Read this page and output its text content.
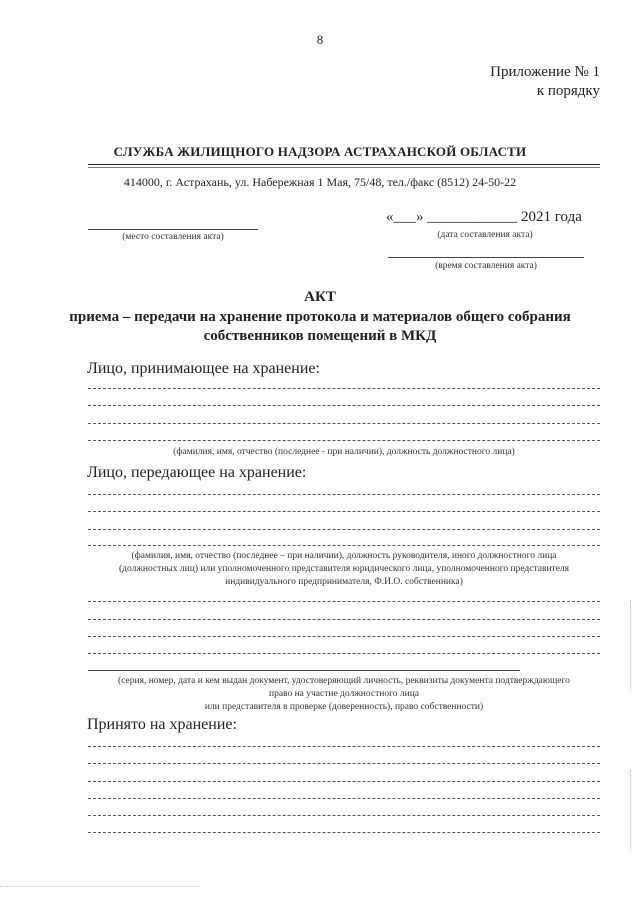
8
Приложение № 1
к порядку
СЛУЖБА ЖИЛИЩНОГО НАДЗОРА АСТРАХАНСКОЙ ОБЛАСТИ
414000, г. Астрахань, ул. Набережная 1 Мая, 75/48, тел./факс (8512) 24-50-22
(место составления акта)
«___» ____________ 2021 года
(дата составления акта)
(время составления акта)
АКТ
приема – передачи на хранение протокола и материалов общего собрания
собственников помещений в МКД
Лицо, принимающее на хранение:
(фамилия, имя, отчество (последнее - при наличии), должность должностного лица)
Лицо, передающее на хранение:
(фамилия, имя, отчество (последнее – при наличии), должность руководителя, иного должностного лица
(должностных лиц) или уполномоченного представителя юридического лица, уполномоченного представителя
индивидуального предпринимателя, Ф.И.О. собственника)
(серия, номер, дата и кем выдан документ, удостоверяющий личность, реквизиты документа подтверждающего
право на участие должностного лица
или представителя в проверке (доверенность), право собственности)
Принято на хранение:
